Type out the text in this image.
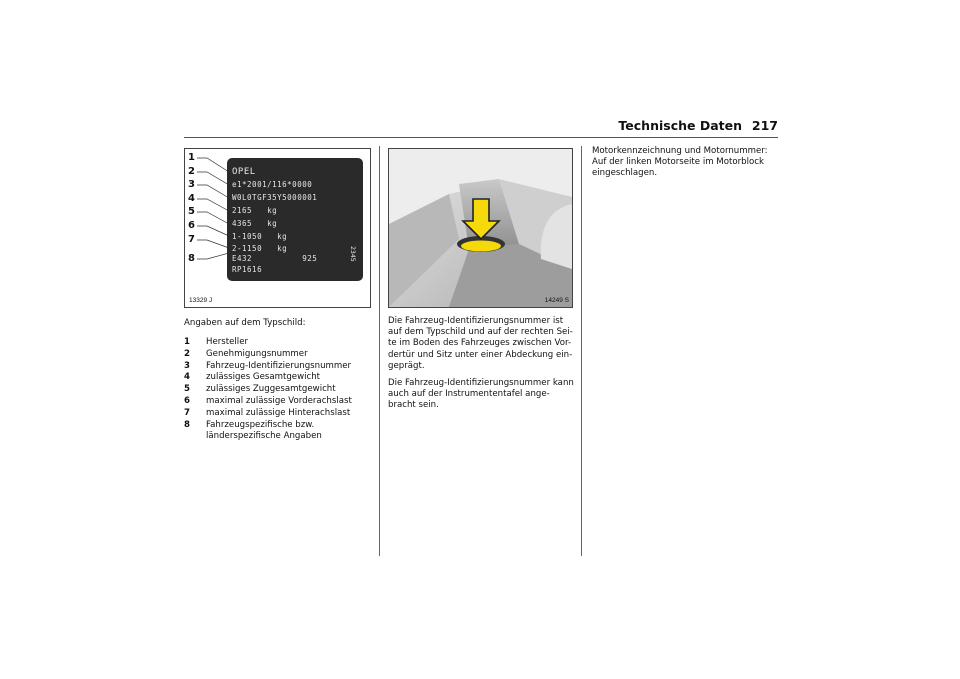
Technische Daten 217
1
2
3
4
5
6
7
8
OPEL
e1*2001/116*0000
W0L0TGF35Y5000001
2165   kg
4365   kg
1-1050   kg
2-1150   kg
E432          925
RP1616
2345
13329 J	14249 S
Angaben auf dem Typschild:
1	Hersteller
2	Genehmigungsnummer
3	Fahrzeug-Identifizierungsnummer
4	zulässiges Gesamtgewicht
5	zulässiges Zuggesamtgewicht
6	maximal zulässige Vorderachslast
7	maximal zulässige Hinterachslast
8	Fahrzeugspezifische bzw. länderspezifische Angaben

Die Fahrzeug-Identifizierungsnummer ist auf dem Typschild und auf der rechten Sei-te im Boden des Fahrzeuges zwischen Vor-dertür und Sitz unter einer Abdeckung ein-geprägt.

Die Fahrzeug-Identifizierungsnummer kann auch auf der Instrumententafel ange-bracht sein.

Motorkennzeichnung und Motornummer: Auf der linken Motorseite im Motorblock eingeschlagen.
